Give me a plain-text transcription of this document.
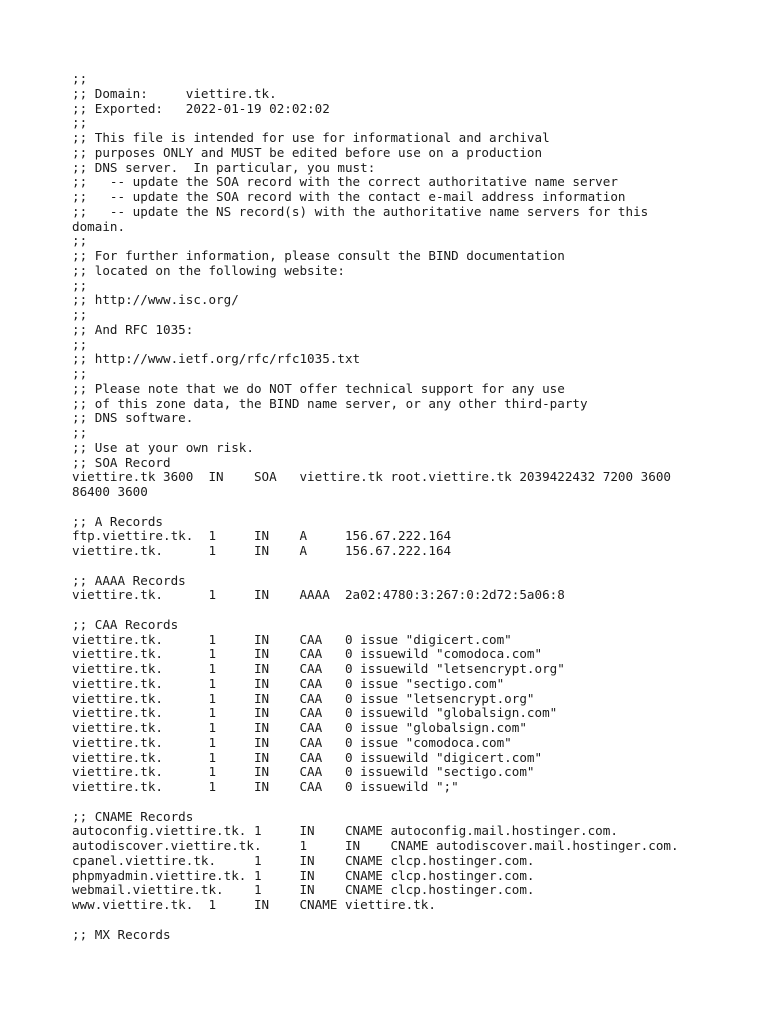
;;
;; Domain:     viettire.tk.
;; Exported:   2022-01-19 02:02:02
;;
;; This file is intended for use for informational and archival
;; purposes ONLY and MUST be edited before use on a production
;; DNS server.  In particular, you must:
;;   -- update the SOA record with the correct authoritative name server
;;   -- update the SOA record with the contact e-mail address information
;;   -- update the NS record(s) with the authoritative name servers for this
domain.
;;
;; For further information, please consult the BIND documentation
;; located on the following website:
;;
;; http://www.isc.org/
;;
;; And RFC 1035:
;;
;; http://www.ietf.org/rfc/rfc1035.txt
;;
;; Please note that we do NOT offer technical support for any use
;; of this zone data, the BIND name server, or any other third-party
;; DNS software.
;;
;; Use at your own risk.
;; SOA Record
viettire.tk 3600  IN    SOA   viettire.tk root.viettire.tk 2039422432 7200 3600
86400 3600

;; A Records
ftp.viettire.tk.  1     IN    A     156.67.222.164
viettire.tk.      1     IN    A     156.67.222.164

;; AAAA Records
viettire.tk.      1     IN    AAAA  2a02:4780:3:267:0:2d72:5a06:8

;; CAA Records
viettire.tk.      1     IN    CAA   0 issue "digicert.com"
viettire.tk.      1     IN    CAA   0 issuewild "comodoca.com"
viettire.tk.      1     IN    CAA   0 issuewild "letsencrypt.org"
viettire.tk.      1     IN    CAA   0 issue "sectigo.com"
viettire.tk.      1     IN    CAA   0 issue "letsencrypt.org"
viettire.tk.      1     IN    CAA   0 issuewild "globalsign.com"
viettire.tk.      1     IN    CAA   0 issue "globalsign.com"
viettire.tk.      1     IN    CAA   0 issue "comodoca.com"
viettire.tk.      1     IN    CAA   0 issuewild "digicert.com"
viettire.tk.      1     IN    CAA   0 issuewild "sectigo.com"
viettire.tk.      1     IN    CAA   0 issuewild ";"

;; CNAME Records
autoconfig.viettire.tk. 1     IN    CNAME autoconfig.mail.hostinger.com.
autodiscover.viettire.tk.     1     IN    CNAME autodiscover.mail.hostinger.com.
cpanel.viettire.tk.     1     IN    CNAME clcp.hostinger.com.
phpmyadmin.viettire.tk. 1     IN    CNAME clcp.hostinger.com.
webmail.viettire.tk.    1     IN    CNAME clcp.hostinger.com.
www.viettire.tk.  1     IN    CNAME viettire.tk.

;; MX Records
